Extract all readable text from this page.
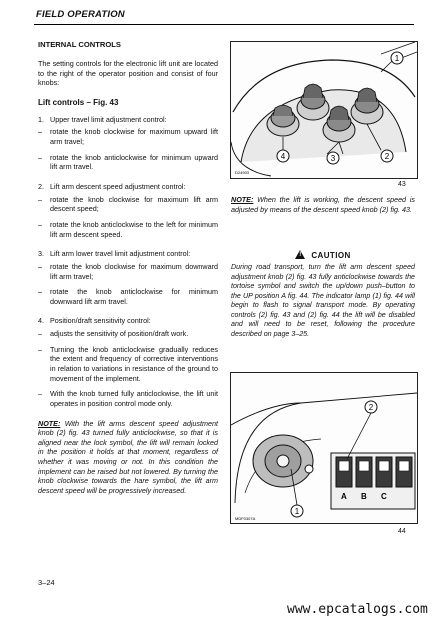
FIELD OPERATION
INTERNAL CONTROLS
The setting controls for the electronic lift unit are located to the right of the operator position and consist of four knobs:
Lift controls – Fig. 43
1. Upper travel limit adjustment control:
–	rotate the knob clockwise for maximum upward lift arm travel;
–	rotate the knob anticlockwise for minimum upward lift arm travel.
2. Lift arm descent speed adjustment control:
–	rotate the knob clockwise for maximum lift arm descent speed;
–	rotate the knob anticlockwise to the left for minimum lift arm descent speed.
3. Lift arm lower travel limit adjustment control:
–	rotate the knob clockwise for maximum downward lift arm travel;
–	rotate the knob anticlockwise for minimum downward lift arm travel.
4. Position/draft sensitivity control:
–	adjusts the sensitivity of position/draft work.
–	Turning the knob anticlockwise gradually reduces the extent and frequency of corrective interventions in relation to variations in resistance of the ground to movement of the implement.
–	With the knob turned fully anticlockwise, the lift unit operates in position control mode only.
NOTE: With the lift arms descent speed adjustment knob (2) fig. 43 turned fully anticlockwise, so that it is aligned near the lock symbol, the lift will remain locked in the position it holds at that moment, regardless of whether it was moving or not. In this condition the implement can be raised but not lowered. By turning the knob clockwise towards the hare symbol, the lift arm descent speed will be progressively increased.
1
4	3	2
D24903
43
NOTE: When the lift is working, the descent speed is adjusted by means of the descent speed knob (2) fig. 43.
!CAUTION
During road transport, turn the lift arm descent speed adjustment knob (2) fig. 43 fully anticlockwise towards the tortoise symbol and switch the up/down push–button to the UP position A fig. 44. The indicator lamp (1) fig. 44 will begin to flash to signal transport mode. By operating controls (2) fig. 43 and (2) fig. 44 the lift will be disabled and will need to be reset, following the procedure described on page 3–25.
A B C
2
1
MDF0307A
44
3–24
www.epcatalogs.com
